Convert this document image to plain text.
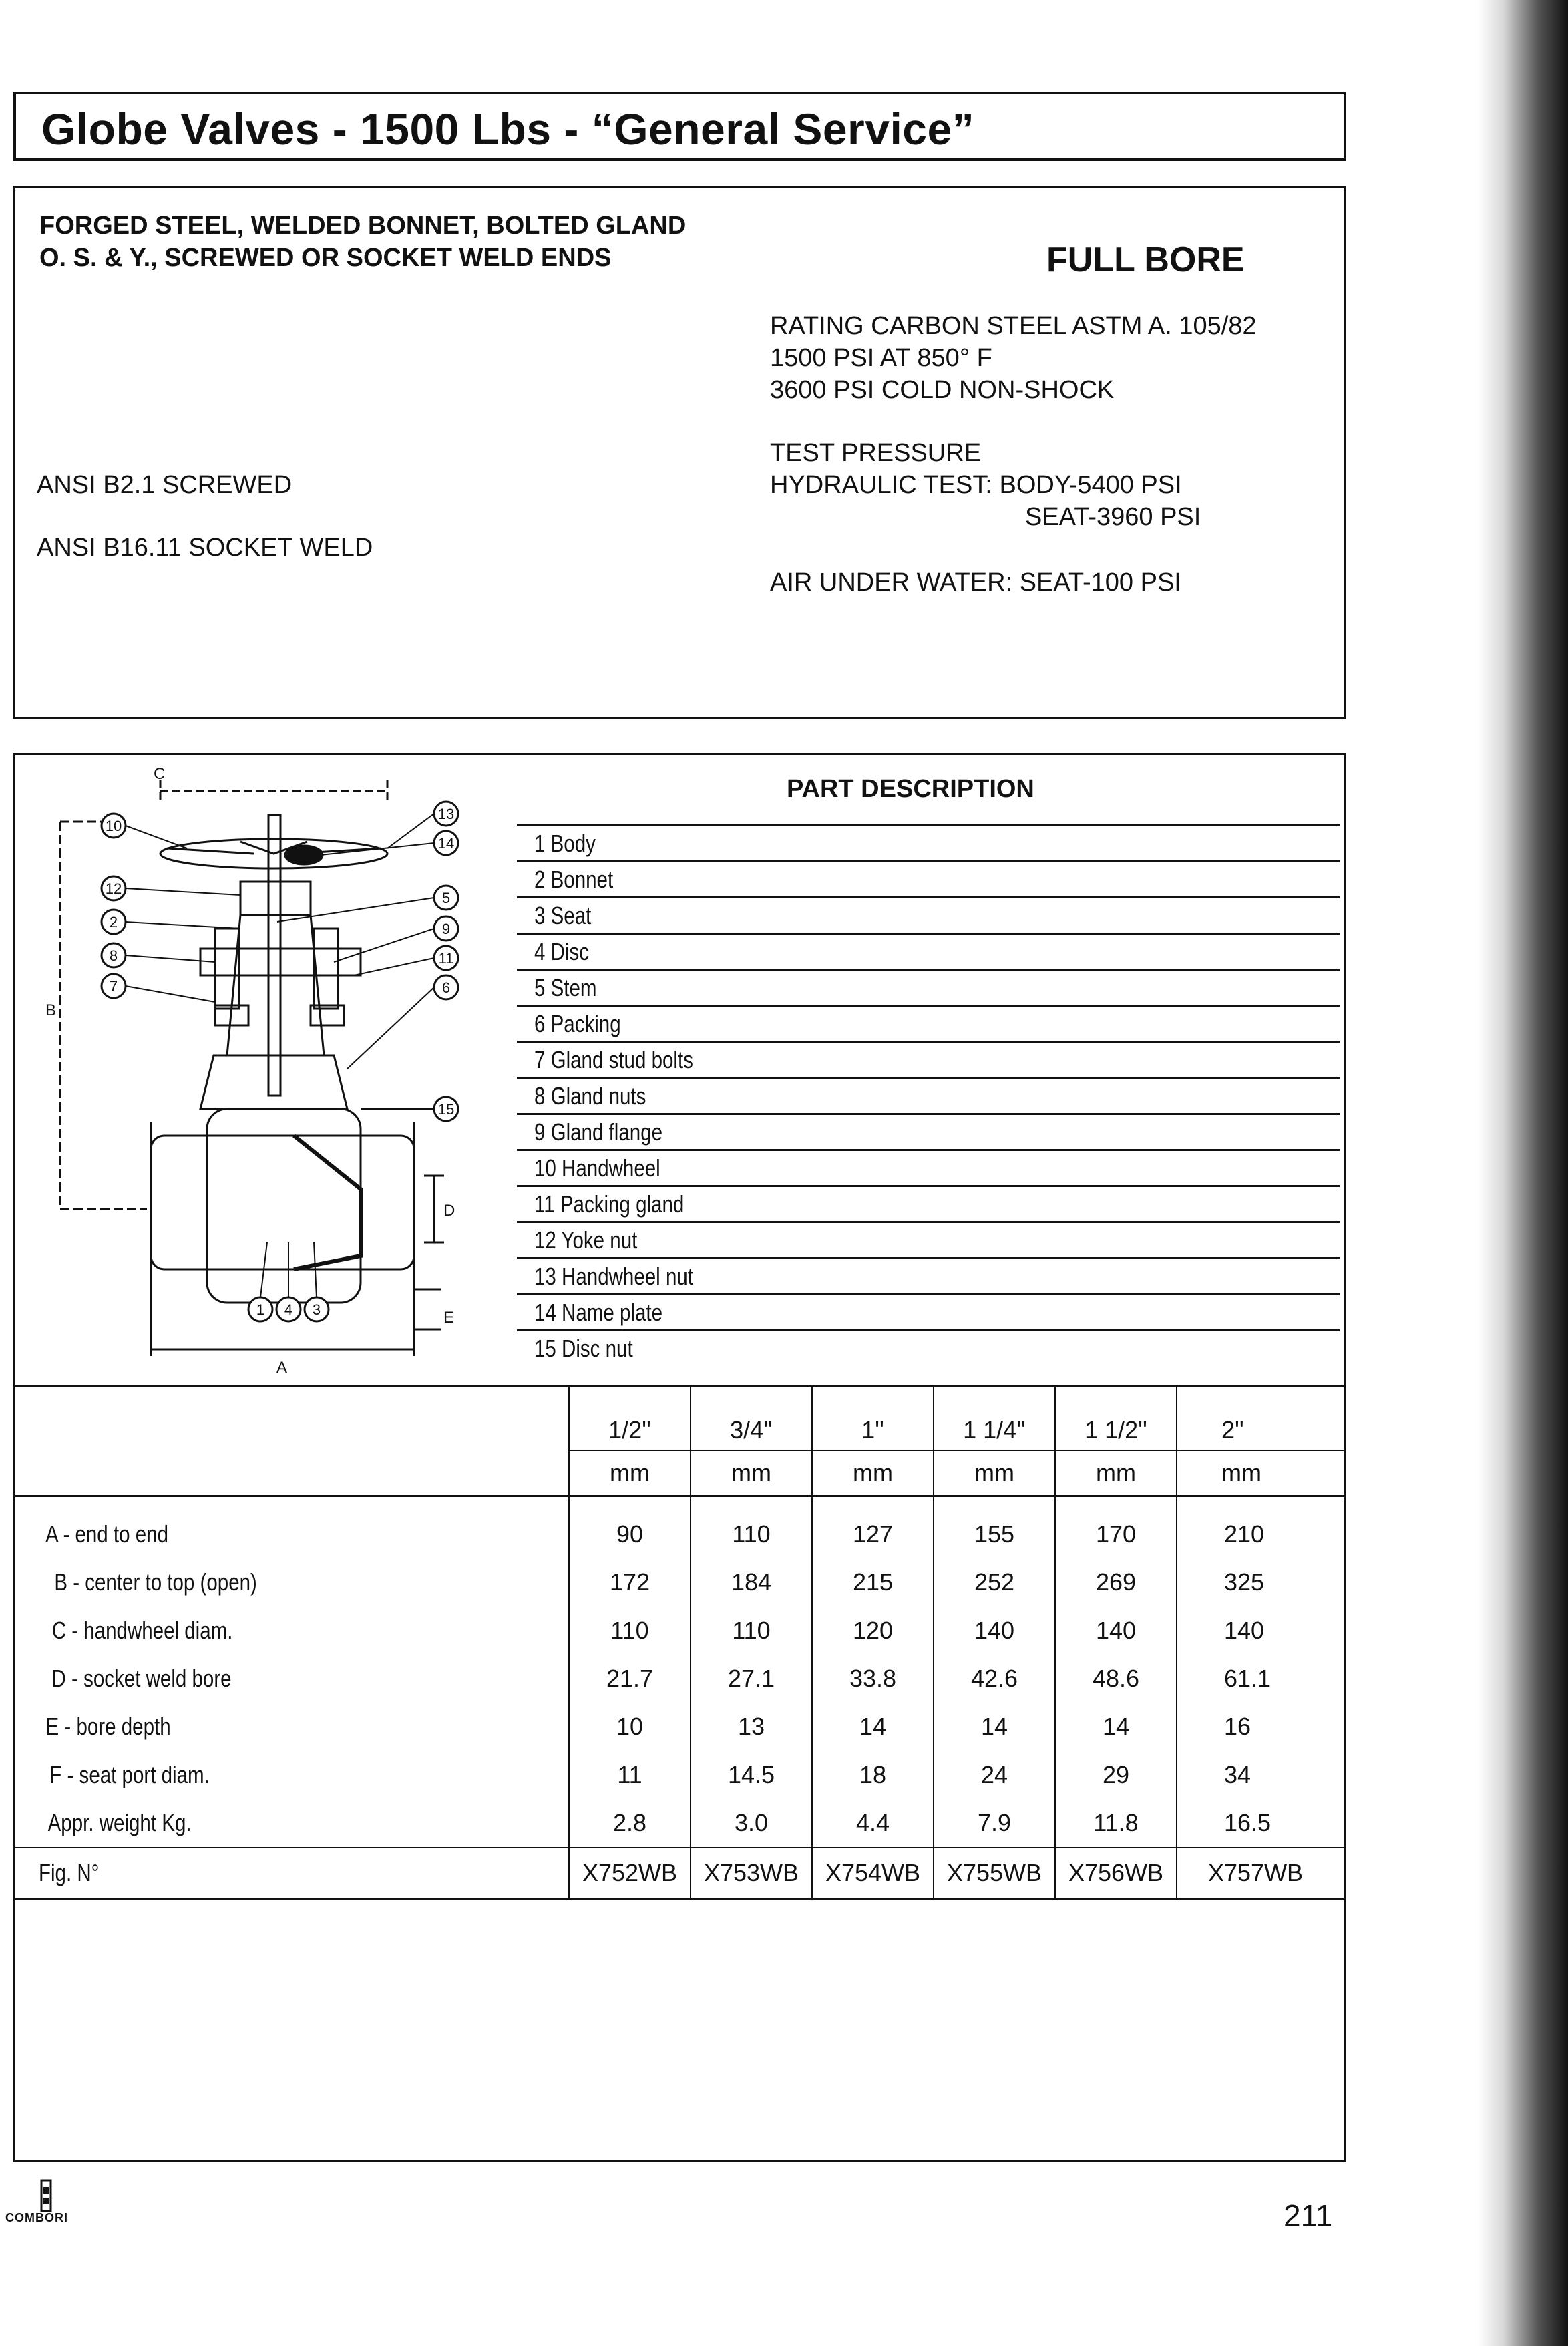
Globe Valves - 1500 Lbs - “General Service”
FORGED STEEL, WELDED BONNET, BOLTED GLAND
O. S. & Y., SCREWED OR SOCKET WELD ENDS	FULL BORE
RATING CARBON STEEL ASTM A. 105/82
1500 PSI AT 850° F
3600 PSI COLD NON-SHOCK
TEST PRESSURE
HYDRAULIC TEST: BODY-5400 PSI
SEAT-3960 PSI
AIR UNDER WATER: SEAT-100 PSI
ANSI B2.1 SCREWED
ANSI B16.11 SOCKET WELD
C
B
A
D
E
10
12
2
8
7
13
14
5
9
11
6
15
1 4 3
PART DESCRIPTION
1 Body
2 Bonnet
3 Seat
4 Disc
5 Stem
6 Packing
7 Gland stud bolts
8 Gland nuts
9 Gland flange
10 Handwheel
11 Packing gland
12 Yoke nut
13 Handwheel nut
14 Name plate
15 Disc nut
	1/2''	3/4''	1''	1 1/4''	1 1/2''	2''
	mm	mm	mm	mm	mm	mm

A - end to end	90	110	127	155	170	210
B - center to top (open)	172	184	215	252	269	325
C - handwheel diam.	110	110	120	140	140	140
D - socket weld bore	21.7	27.1	33.8	42.6	48.6	61.1
E - bore depth	10	13	14	14	14	16
F - seat port diam.	11	14.5	18	24	29	34
Appr. weight Kg.	2.8	3.0	4.4	7.9	11.8	16.5
Fig. N°	X752WB	X753WB	X754WB	X755WB	X756WB	X757WB
COMBORI	211
